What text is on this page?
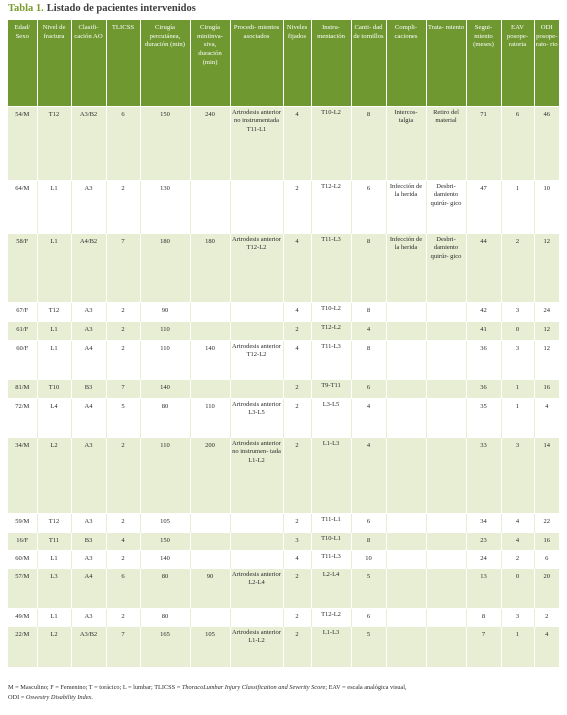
Tabla 1. Listado de pacientes intervenidos
Edad/ Sexo	Nivel de fractura	Clasifi- cación AO	TLICSS	Cirugía percutánea, duración (min)	Cirugía miniinva- siva, duración (min)	Procedi- mientos asociados	Niveles fijados	Instru- mentación	Canti- dad de tornillos	Compli- caciones	Trata- miento	Segui- miento (meses)	EAV posope- ratoria	ODI posope- rato- rio
54/M	T12	A3/B2	6	150	240	Artrodesis anterior no instrumentada T11-L1	4	T10-L2	8	Intercos- talgia	Retiro del material	71	6	46
64/M	L1	A3	2	130			2	T12-L2	6	Infección de la herida	Desbri- damiento quirúr- gico	47	1	10
58/F	L1	A4/B2	7	180	180	Artrodesis anterior T12-L2	4	T11-L3	8	Infección de la herida	Desbri- damiento quirúr- gico	44	2	12
67/F	T12	A3	2	90			4	T10-L2	8			42	3	24
61/F	L1	A3	2	110			2	T12-L2	4			41	0	12
60/F	L1	A4	2	110	140	Artrodesis anterior T12-L2	4	T11-L3	8			36	3	12
81/M	T10	B3	7	140			2	T9-T11	6			36	1	16
72/M	L4	A4	5	80	110	Artrodesis anterior L3-L5	2	L3-L5	4			35	1	4
34/M	L2	A3	2	110	200	Artrodesis anterior no instrumen- tada L1-L2	2	L1-L3	4			33	3	14
59/M	T12	A3	2	105			2	T11-L1	6			34	4	22
16/F	T11	B3	4	150			3	T10-L1	8			23	4	16
60/M	L1	A3	2	140			4	T11-L3	10			24	2	6
57/M	L3	A4	6	80	90	Artrodesis anterior L2-L4	2	L2-L4	5			13	0	20
49/M	L1	A3	2	80			2	T12-L2	6			8	3	2
22/M	L2	A3/B2	7	165	105	Artrodesis anterior L1-L2	2	L1-L3	5			7	1	4
M = Masculino; F = Femenino; T = torácico; L = lumbar; TLICSS = ThoracoLumbar Injury Classification and Severity Score; EAV = escala analógica visual,
ODI = Oswestry Disability Index.
